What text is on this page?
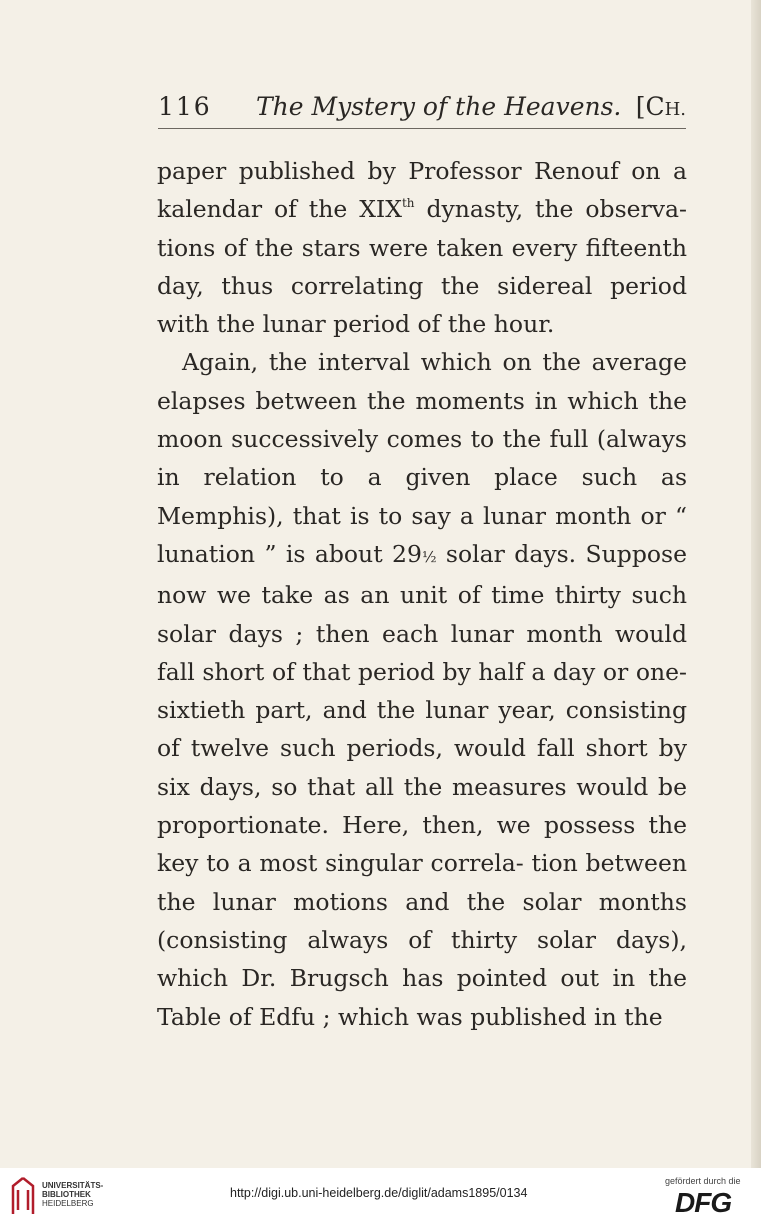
116 The Mystery of the Heavens. [CH.

paper published by Professor Renouf on a kalendar of the XIXth dynasty, the observa- tions of the stars were taken every fifteenth day, thus correlating the sidereal period with the lunar period of the hour.

Again, the interval which on the average elapses between the moments in which the moon successively comes to the full (always in relation to a given place such as Memphis), that is to say a lunar month or “ lunation ” is about 29½ solar days. Suppose now we take as an unit of time thirty such solar days ; then each lunar month would fall short of that period by half a day or one-sixtieth part, and the lunar year, consisting of twelve such periods, would fall short by six days, so that all the measures would be proportionate. Here, then, we possess the key to a most singular correla- tion between the lunar motions and the solar months (consisting always of thirty solar days), which Dr. Brugsch has pointed out in the Table of Edfu ; which was published in the

UNIVERSITÄTS-
BIBLIOTHEK
HEIDELBERG
http://digi.ub.uni-heidelberg.de/diglit/adams1895/0134
gefördert durch die
DFG
